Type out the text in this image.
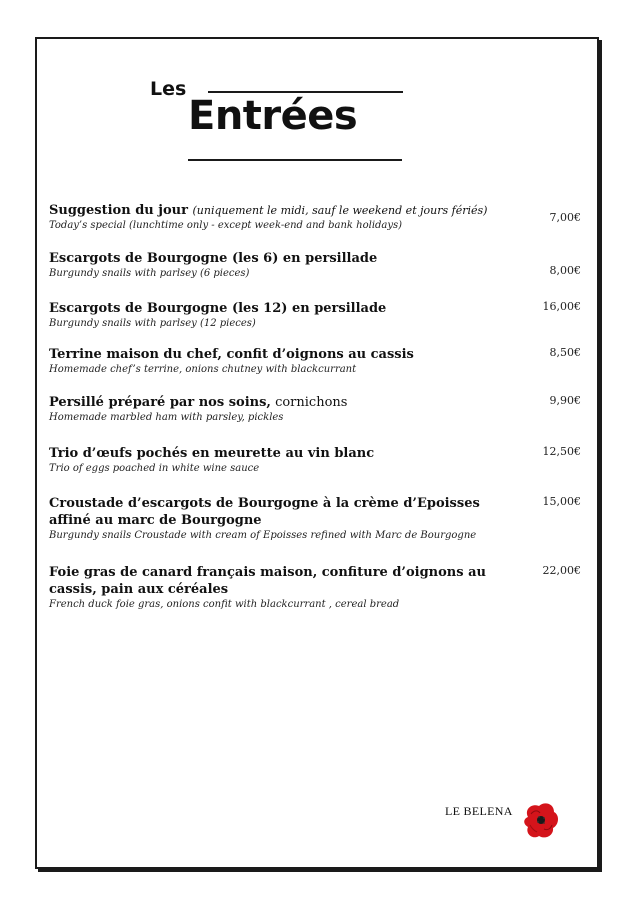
Les
Entrées
Suggestion du jour (uniquement le midi, sauf le weekend et jours fériés)
Today’s special (lunchtime only - except week-end and bank holidays)
7,00€
Escargots de Bourgogne (les 6) en persillade
Burgundy snails with parlsey (6 pieces)	8,00€
Escargots de Bourgogne (les 12) en persillade
Burgundy snails with parlsey (12 pieces)
16,00€
Terrine maison du chef, confit d’oignons au cassis
Homemade chef’s terrine, onions chutney with blackcurrant
8,50€
Persillé préparé par nos soins, cornichons
Homemade marbled ham with parsley, pickles
9,90€
Trio d’œufs pochés en meurette au vin blanc
Trio of eggs poached in white wine sauce
12,50€
Croustade d’escargots de Bourgogne à la crème d’Epoisses affiné au marc de Bourgogne
Burgundy snails Croustade with cream of Epoisses refined with Marc de Bourgogne
15,00€
Foie gras de canard français maison, confiture d’oignons au cassis, pain aux céréales
French duck foie gras, onions confit with blackcurrant , cereal bread
22,00€
LE BELENA
